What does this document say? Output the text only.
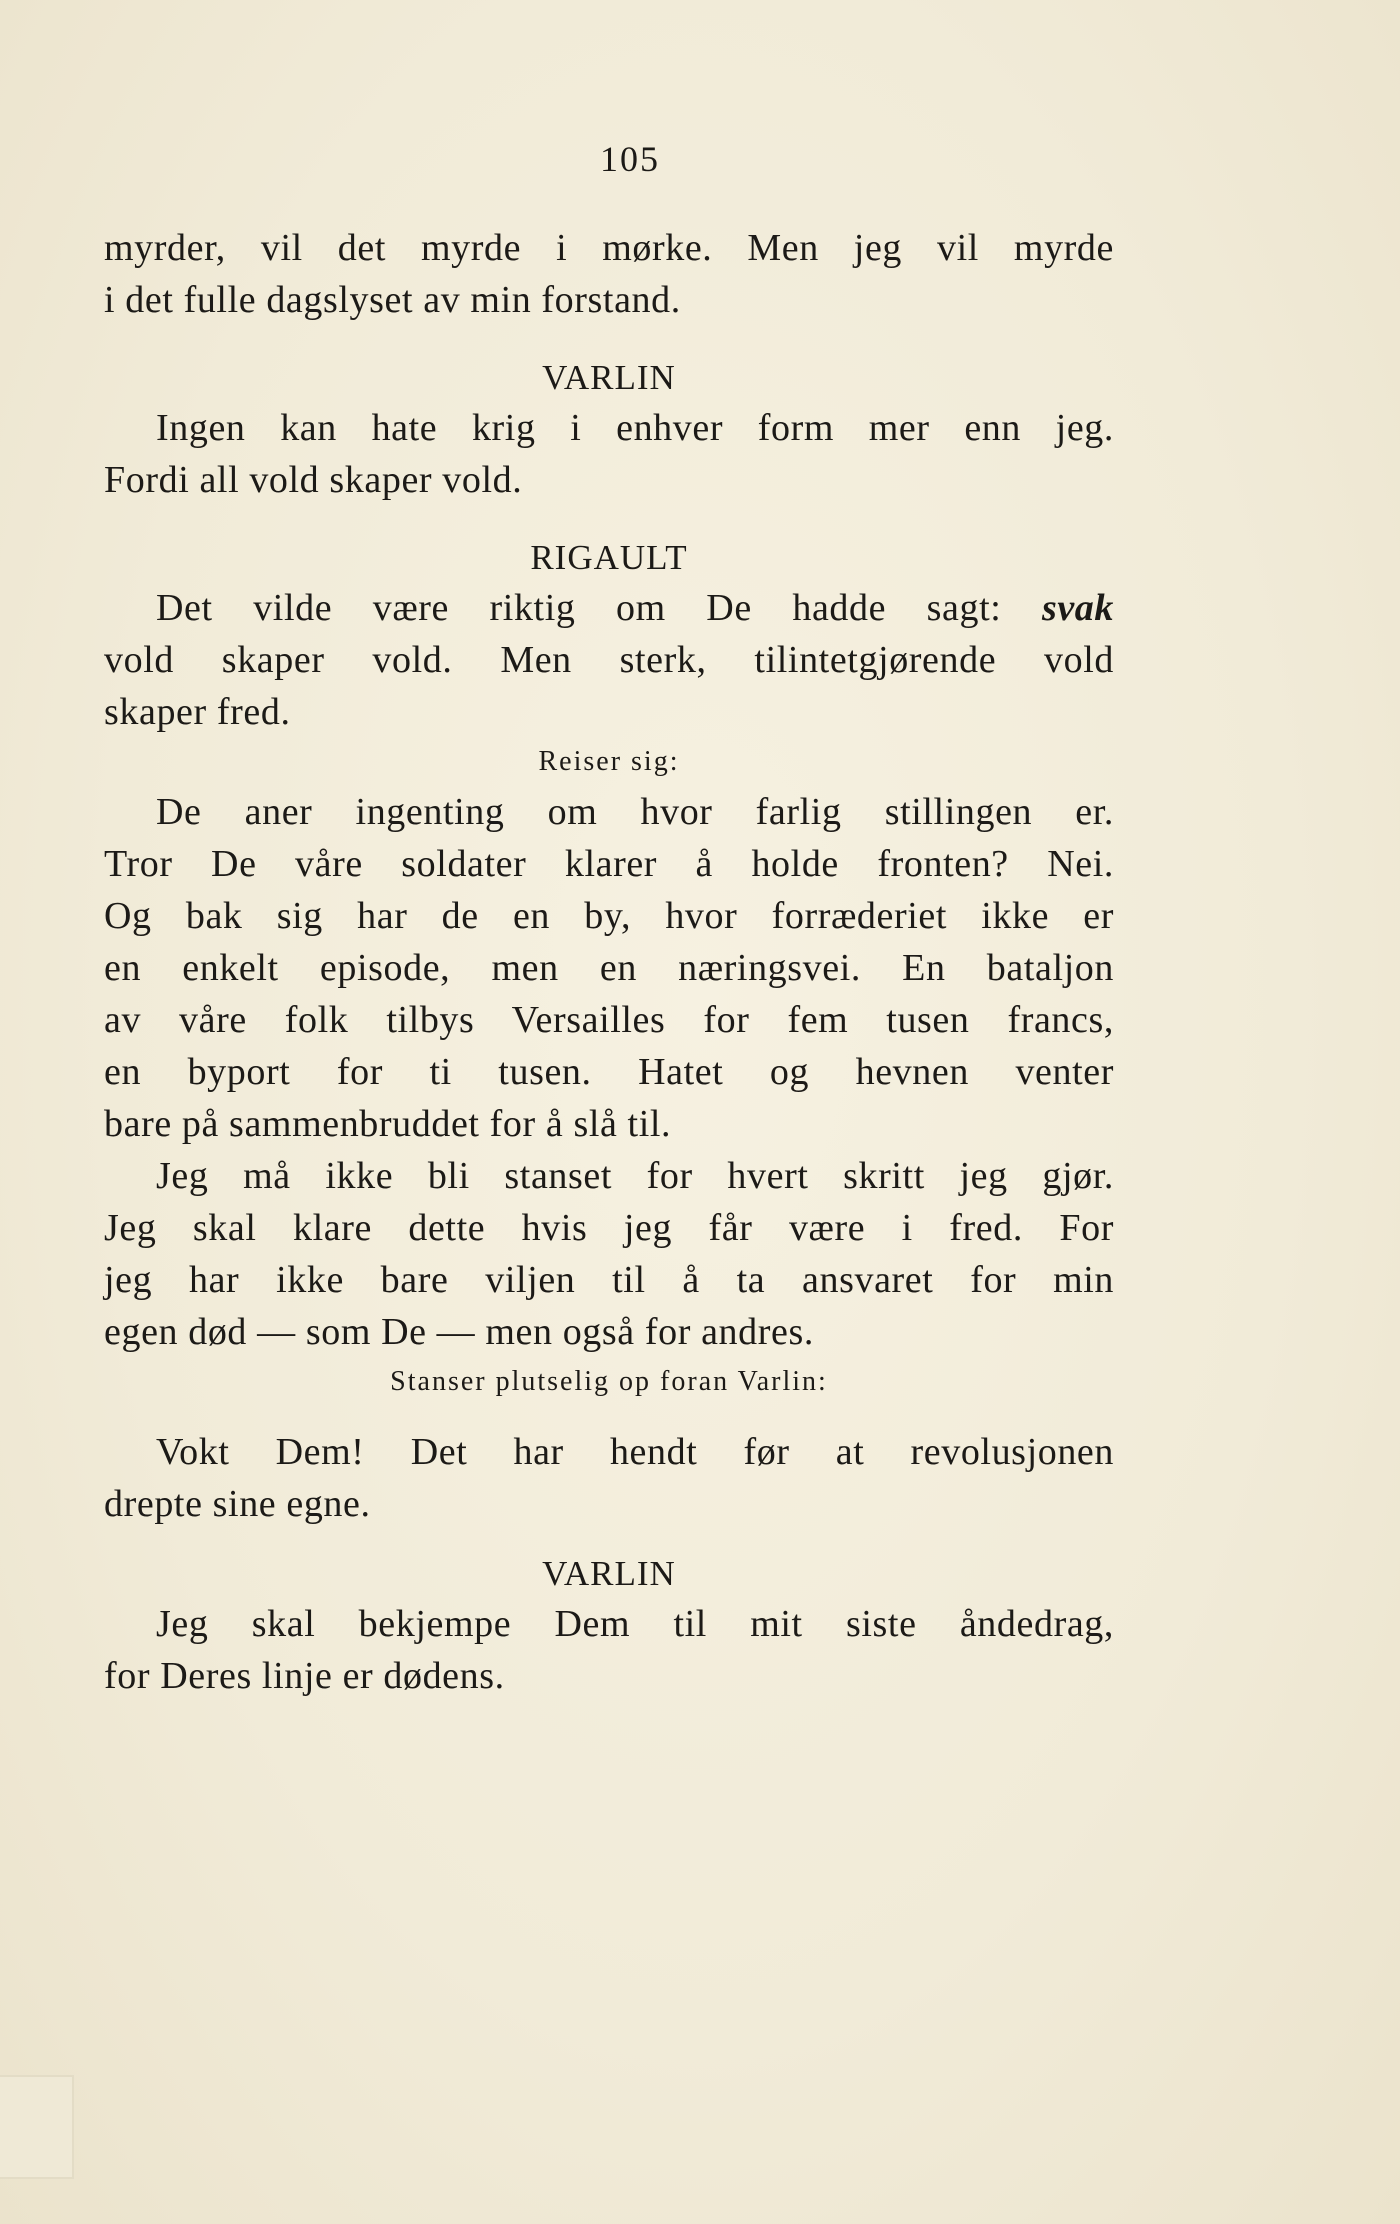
105
myrder, vil det myrde i mørke. Men jeg vil myrde
i det fulle dagslyset av min forstand.
VARLIN
Ingen kan hate krig i enhver form mer enn jeg.
Fordi all vold skaper vold.
RIGAULT
Det vilde være riktig om De hadde sagt: svak
vold skaper vold. Men sterk, tilintetgjørende vold
skaper fred.
Reiser sig:
De aner ingenting om hvor farlig stillingen er.
Tror De våre soldater klarer å holde fronten? Nei.
Og bak sig har de en by, hvor forræderiet ikke er
en enkelt episode, men en næringsvei. En bataljon
av våre folk tilbys Versailles for fem tusen francs,
en byport for ti tusen. Hatet og hevnen venter
bare på sammenbruddet for å slå til.
Jeg må ikke bli stanset for hvert skritt jeg gjør.
Jeg skal klare dette hvis jeg får være i fred. For
jeg har ikke bare viljen til å ta ansvaret for min
egen død — som De — men også for andres.
Stanser plutselig op foran Varlin:
Vokt Dem! Det har hendt før at revolusjonen
drepte sine egne.
VARLIN
Jeg skal bekjempe Dem til mit siste åndedrag,
for Deres linje er dødens.
